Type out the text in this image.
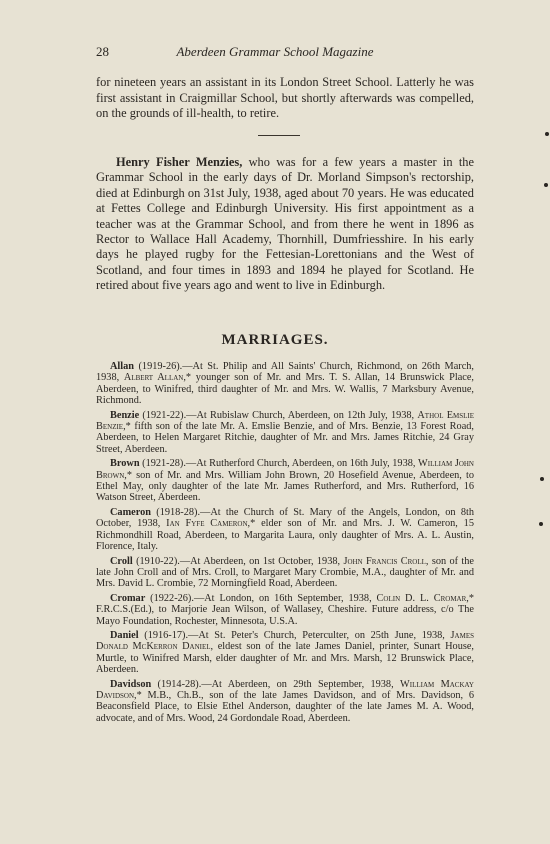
28	Aberdeen Grammar School Magazine

for nineteen years an assistant in its London Street School. Latterly he was first assistant in Craigmillar School, but shortly afterwards was compelled, on the grounds of ill-health, to retire.

Henry Fisher Menzies, who was for a few years a master in the Grammar School in the early days of Dr. Morland Simpson's rectorship, died at Edinburgh on 31st July, 1938, aged about 70 years. He was educated at Fettes College and Edinburgh University. His first appointment as a teacher was at the Grammar School, and from there he went in 1896 as Rector to Wallace Hall Academy, Thornhill, Dumfriesshire. In his early days he played rugby for the Fettesian-Lorettonians and the West of Scotland, and four times in 1893 and 1894 he played for Scotland. He retired about five years ago and went to live in Edinburgh.

MARRIAGES.

Allan (1919-26).—At St. Philip and All Saints' Church, Richmond, on 26th March, 1938, Albert Allan,* younger son of Mr. and Mrs. T. S. Allan, 14 Brunswick Place, Aberdeen, to Winifred, third daughter of Mr. and Mrs. W. Wallis, 7 Marksbury Avenue, Richmond.

Benzie (1921-22).—At Rubislaw Church, Aberdeen, on 12th July, 1938, Athol Emslie Benzie,* fifth son of the late Mr. A. Emslie Benzie, and of Mrs. Benzie, 13 Forest Road, Aberdeen, to Helen Margaret Ritchie, daughter of Mr. and Mrs. James Ritchie, 24 Gray Street, Aberdeen.

Brown (1921-28).—At Rutherford Church, Aberdeen, on 16th July, 1938, William John Brown,* son of Mr. and Mrs. William John Brown, 20 Hosefield Avenue, Aberdeen, to Ethel May, only daughter of the late Mr. James Rutherford, and Mrs. Rutherford, 16 Watson Street, Aberdeen.

Cameron (1918-28).—At the Church of St. Mary of the Angels, London, on 8th October, 1938, Ian Fyfe Cameron,* elder son of Mr. and Mrs. J. W. Cameron, 15 Richmondhill Road, Aberdeen, to Margarita Laura, only daughter of Mrs. A. L. Austin, Florence, Italy.

Croll (1910-22).—At Aberdeen, on 1st October, 1938, John Francis Croll, son of the late John Croll and of Mrs. Croll, to Margaret Mary Crombie, M.A., daughter of Mr. and Mrs. David L. Crombie, 72 Morningfield Road, Aberdeen.

Cromar (1922-26).—At London, on 16th September, 1938, Colin D. L. Cromar,* F.R.C.S.(Ed.), to Marjorie Jean Wilson, of Wallasey, Cheshire. Future address, c/o The Mayo Foundation, Rochester, Minnesota, U.S.A.

Daniel (1916-17).—At St. Peter's Church, Peterculter, on 25th June, 1938, James Donald McKerron Daniel, eldest son of the late James Daniel, printer, Sunart House, Murtle, to Winifred Marsh, elder daughter of Mr. and Mrs. Marsh, 12 Brunswick Place, Aberdeen.

Davidson (1914-28).—At Aberdeen, on 29th September, 1938, William Mackay Davidson,* M.B., Ch.B., son of the late James Davidson, and of Mrs. Davidson, 6 Beaconsfield Place, to Elsie Ethel Anderson, daughter of the late James M. A. Wood, advocate, and of Mrs. Wood, 24 Gordondale Road, Aberdeen.
